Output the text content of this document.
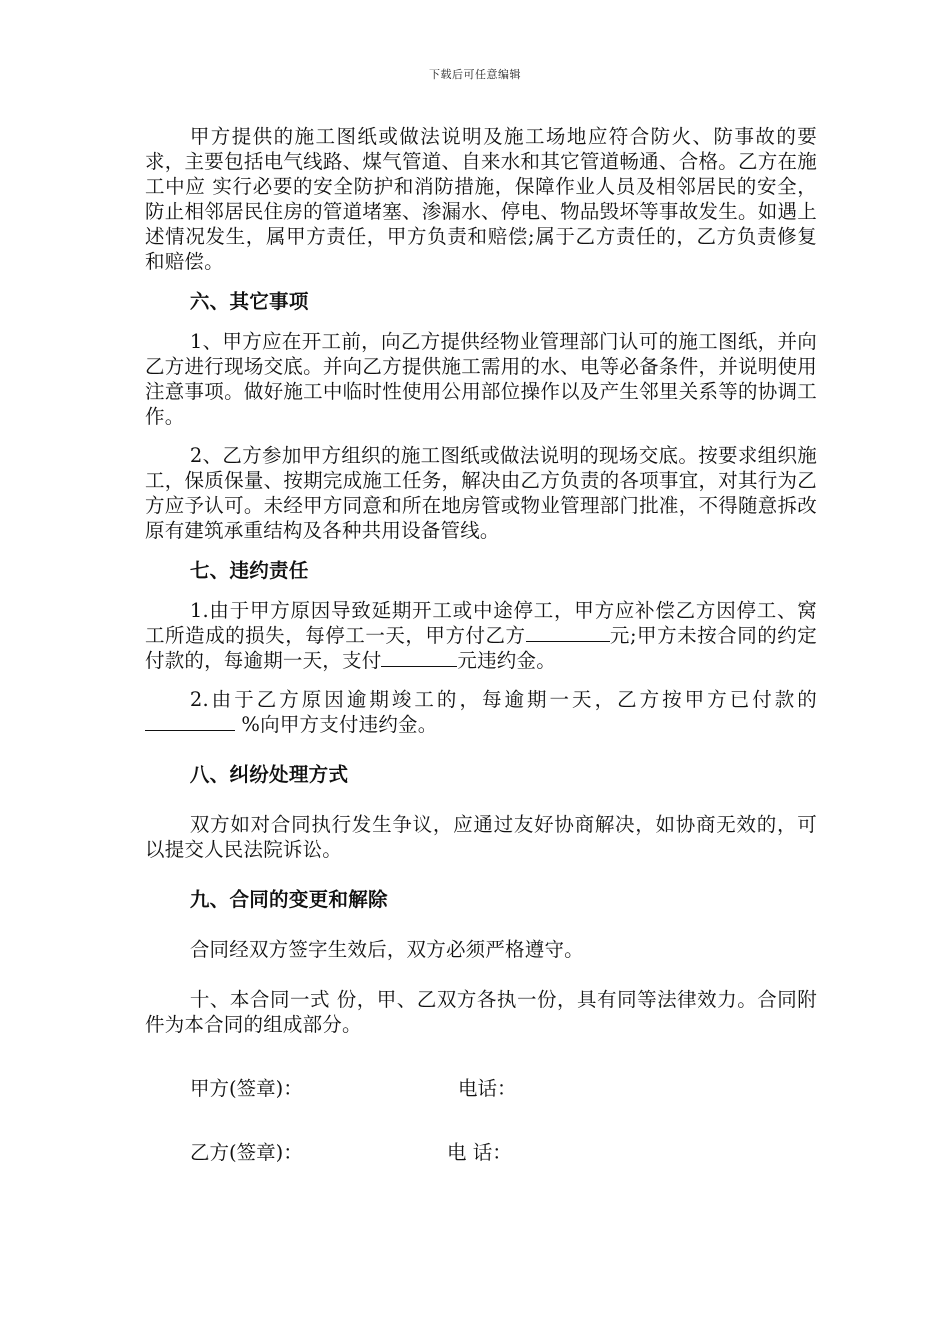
下载后可任意编辑

甲方提供的施工图纸或做法说明及施工场地应符合防火、防事故的要求，主要包括电气线路、煤气管道、自来水和其它管道畅通、合格。乙方在施工中应 实行必要的安全防护和消防措施，保障作业人员及相邻居民的安全，防止相邻居民住房的管道堵塞、渗漏水、停电、物品毁坏等事故发生。如遇上述情况发生，属甲方责任，甲方负责和赔偿;属于乙方责任的，乙方负责修复和赔偿。

六、其它事项

1、甲方应在开工前，向乙方提供经物业管理部门认可的施工图纸，并向乙方进行现场交底。并向乙方提供施工需用的水、电等必备条件，并说明使用注意事项。做好施工中临时性使用公用部位操作以及产生邻里关系等的协调工作。

2、乙方参加甲方组织的施工图纸或做法说明的现场交底。按要求组织施工，保质保量、按期完成施工任务，解决由乙方负责的各项事宜，对其行为乙方应予认可。未经甲方同意和所在地房管或物业管理部门批准，不得随意拆改原有建筑承重结构及各种共用设备管线。

七、违约责任

1.由于甲方原因导致延期开工或中途停工，甲方应补偿乙方因停工、窝工所造成的损失，每停工一天，甲方付乙方	元;甲方未按合同的约定付款的，每逾期一天，支付	元违约金。

2.由于乙方原因逾期竣工的，每逾期一天，乙方按甲方已付款的 %向甲方支付违约金。

八、纠纷处理方式

双方如对合同执行发生争议，应通过友好协商解决，如协商无效的，可以提交人民法院诉讼。

九、合同的变更和解除

合同经双方签字生效后，双方必须严格遵守。

十、本合同一式 份，甲、乙双方各执一份，具有同等法律效力。合同附件为本合同的组成部分。

甲方(签章)：	电话：
乙方(签章)：	电 话：
